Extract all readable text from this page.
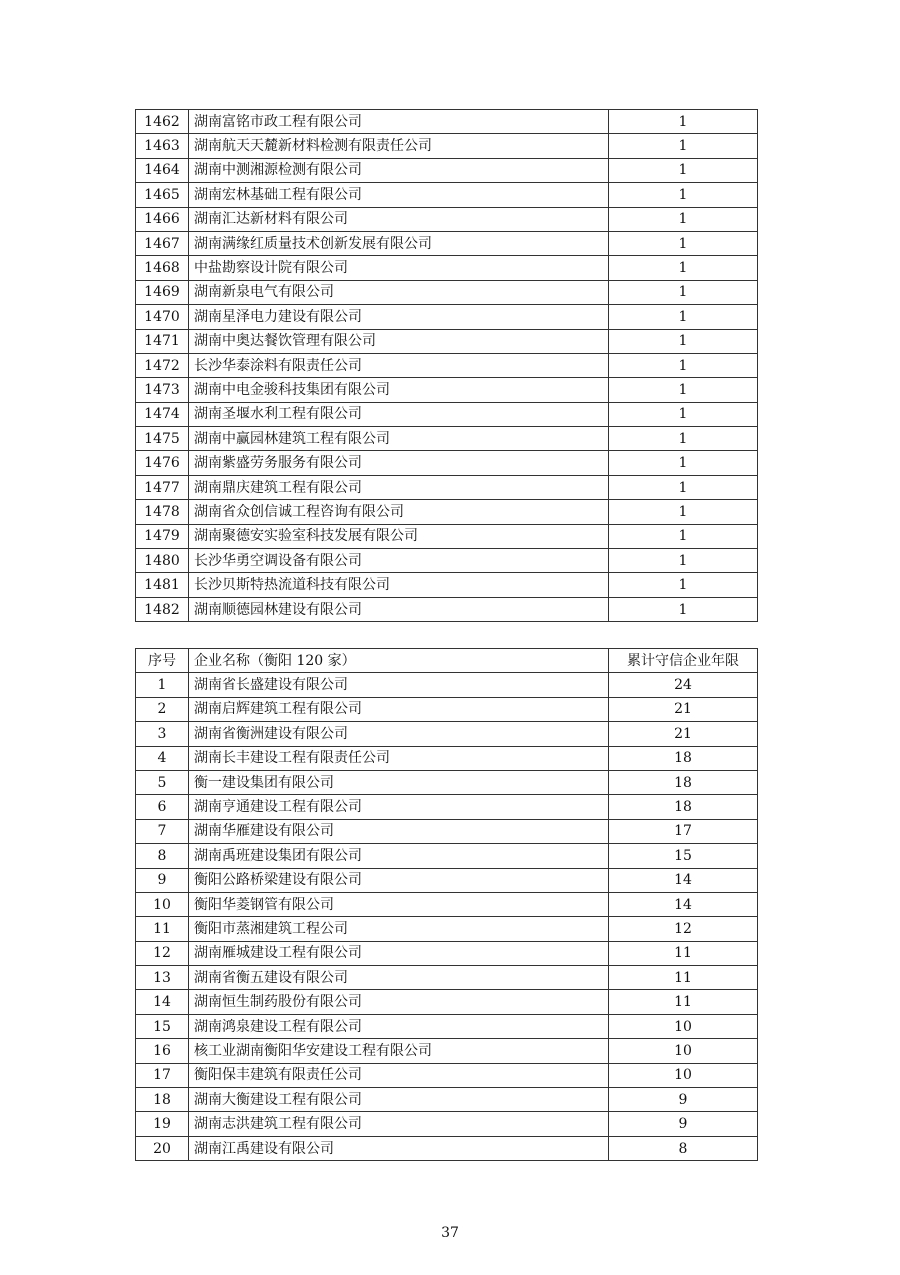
1462	湖南富铭市政工程有限公司	1
1463	湖南航天天麓新材料检测有限责任公司	1
1464	湖南中测湘源检测有限公司	1
1465	湖南宏林基础工程有限公司	1
1466	湖南汇达新材料有限公司	1
1467	湖南满缘红质量技术创新发展有限公司	1
1468	中盐勘察设计院有限公司	1
1469	湖南新泉电气有限公司	1
1470	湖南星泽电力建设有限公司	1
1471	湖南中奥达餐饮管理有限公司	1
1472	长沙华泰涂料有限责任公司	1
1473	湖南中电金骏科技集团有限公司	1
1474	湖南圣堰水利工程有限公司	1
1475	湖南中赢园林建筑工程有限公司	1
1476	湖南紫盛劳务服务有限公司	1
1477	湖南鼎庆建筑工程有限公司	1
1478	湖南省众创信诚工程咨询有限公司	1
1479	湖南聚德安实验室科技发展有限公司	1
1480	长沙华勇空调设备有限公司	1
1481	长沙贝斯特热流道科技有限公司	1
1482	湖南顺德园林建设有限公司	1
序号	企业名称（衡阳 120 家）	累计守信企业年限
1	湖南省长盛建设有限公司	24
2	湖南启辉建筑工程有限公司	21
3	湖南省衡洲建设有限公司	21
4	湖南长丰建设工程有限责任公司	18
5	衡一建设集团有限公司	18
6	湖南亨通建设工程有限公司	18
7	湖南华雁建设有限公司	17
8	湖南禹班建设集团有限公司	15
9	衡阳公路桥梁建设有限公司	14
10	衡阳华菱钢管有限公司	14
11	衡阳市蒸湘建筑工程公司	12
12	湖南雁城建设工程有限公司	11
13	湖南省衡五建设有限公司	11
14	湖南恒生制药股份有限公司	11
15	湖南鸿泉建设工程有限公司	10
16	核工业湖南衡阳华安建设工程有限公司	10
17	衡阳保丰建筑有限责任公司	10
18	湖南大衡建设工程有限公司	9
19	湖南志洪建筑工程有限公司	9
20	湖南江禹建设有限公司	8
37
